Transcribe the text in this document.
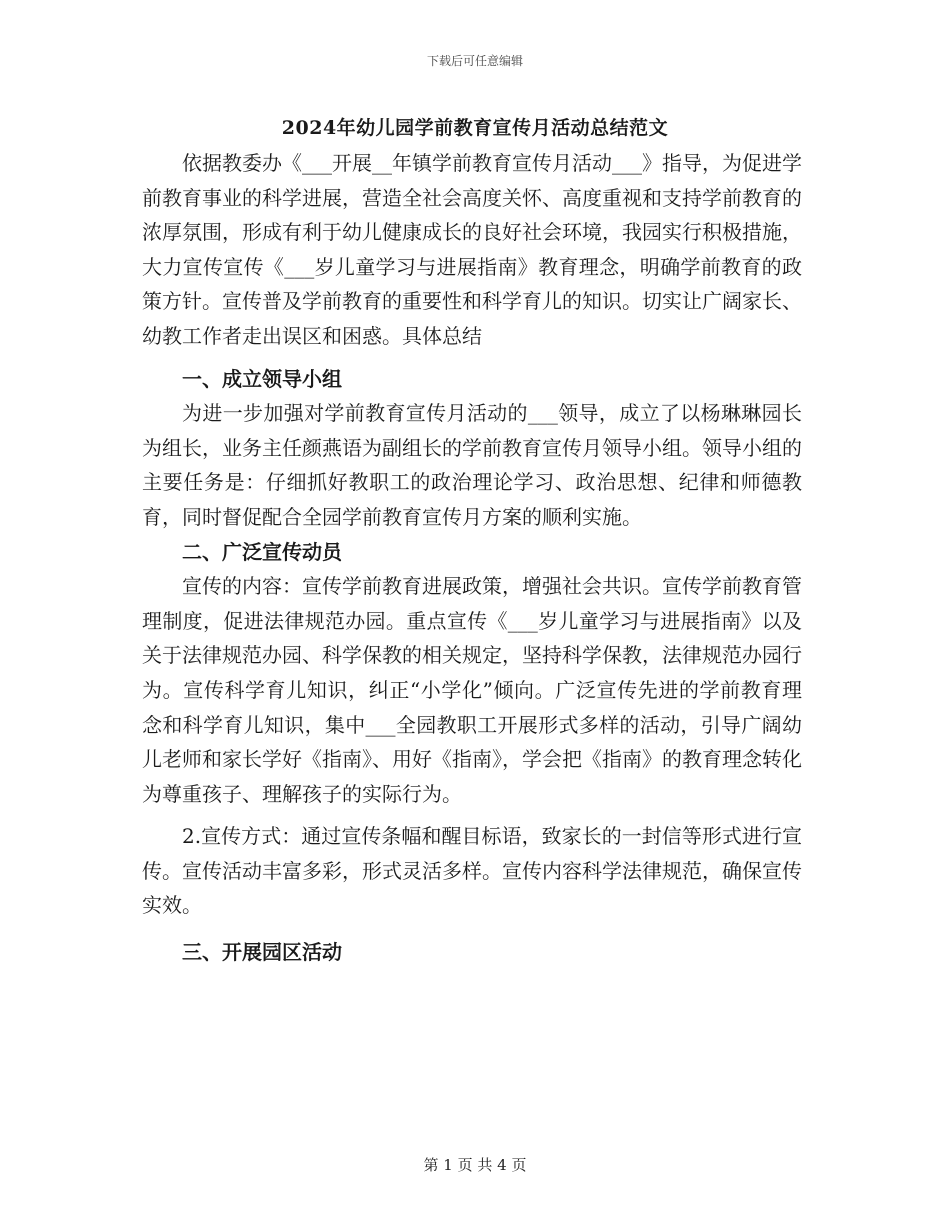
下载后可任意编辑
2024年幼儿园学前教育宣传月活动总结范文

依据教委办《___开展__年镇学前教育宣传月活动___》指导，为促进学前教育事业的科学进展，营造全社会高度关怀、高度重视和支持学前教育的浓厚氛围，形成有利于幼儿健康成长的良好社会环境，我园实行积极措施，大力宣传宣传《___岁儿童学习与进展指南》教育理念，明确学前教育的政策方针。宣传普及学前教育的重要性和科学育儿的知识。切实让广阔家长、幼教工作者走出误区和困惑。具体总结

一、成立领导小组

为进一步加强对学前教育宣传月活动的___领导，成立了以杨琳琳园长为组长，业务主任颜燕语为副组长的学前教育宣传月领导小组。领导小组的主要任务是：仔细抓好教职工的政治理论学习、政治思想、纪律和师德教育，同时督促配合全园学前教育宣传月方案的顺利实施。

二、广泛宣传动员

宣传的内容：宣传学前教育进展政策，增强社会共识。宣传学前教育管理制度，促进法律规范办园。重点宣传《___岁儿童学习与进展指南》以及关于法律规范办园、科学保教的相关规定，坚持科学保教，法律规范办园行为。宣传科学育儿知识，纠正“小学化”倾向。广泛宣传先进的学前教育理念和科学育儿知识，集中___全园教职工开展形式多样的活动，引导广阔幼儿老师和家长学好《指南》、用好《指南》，学会把《指南》的教育理念转化为尊重孩子、理解孩子的实际行为。

2.宣传方式：通过宣传条幅和醒目标语，致家长的一封信等形式进行宣传。宣传活动丰富多彩，形式灵活多样。宣传内容科学法律规范，确保宣传实效。

三、开展园区活动
第 1 页 共 4 页
